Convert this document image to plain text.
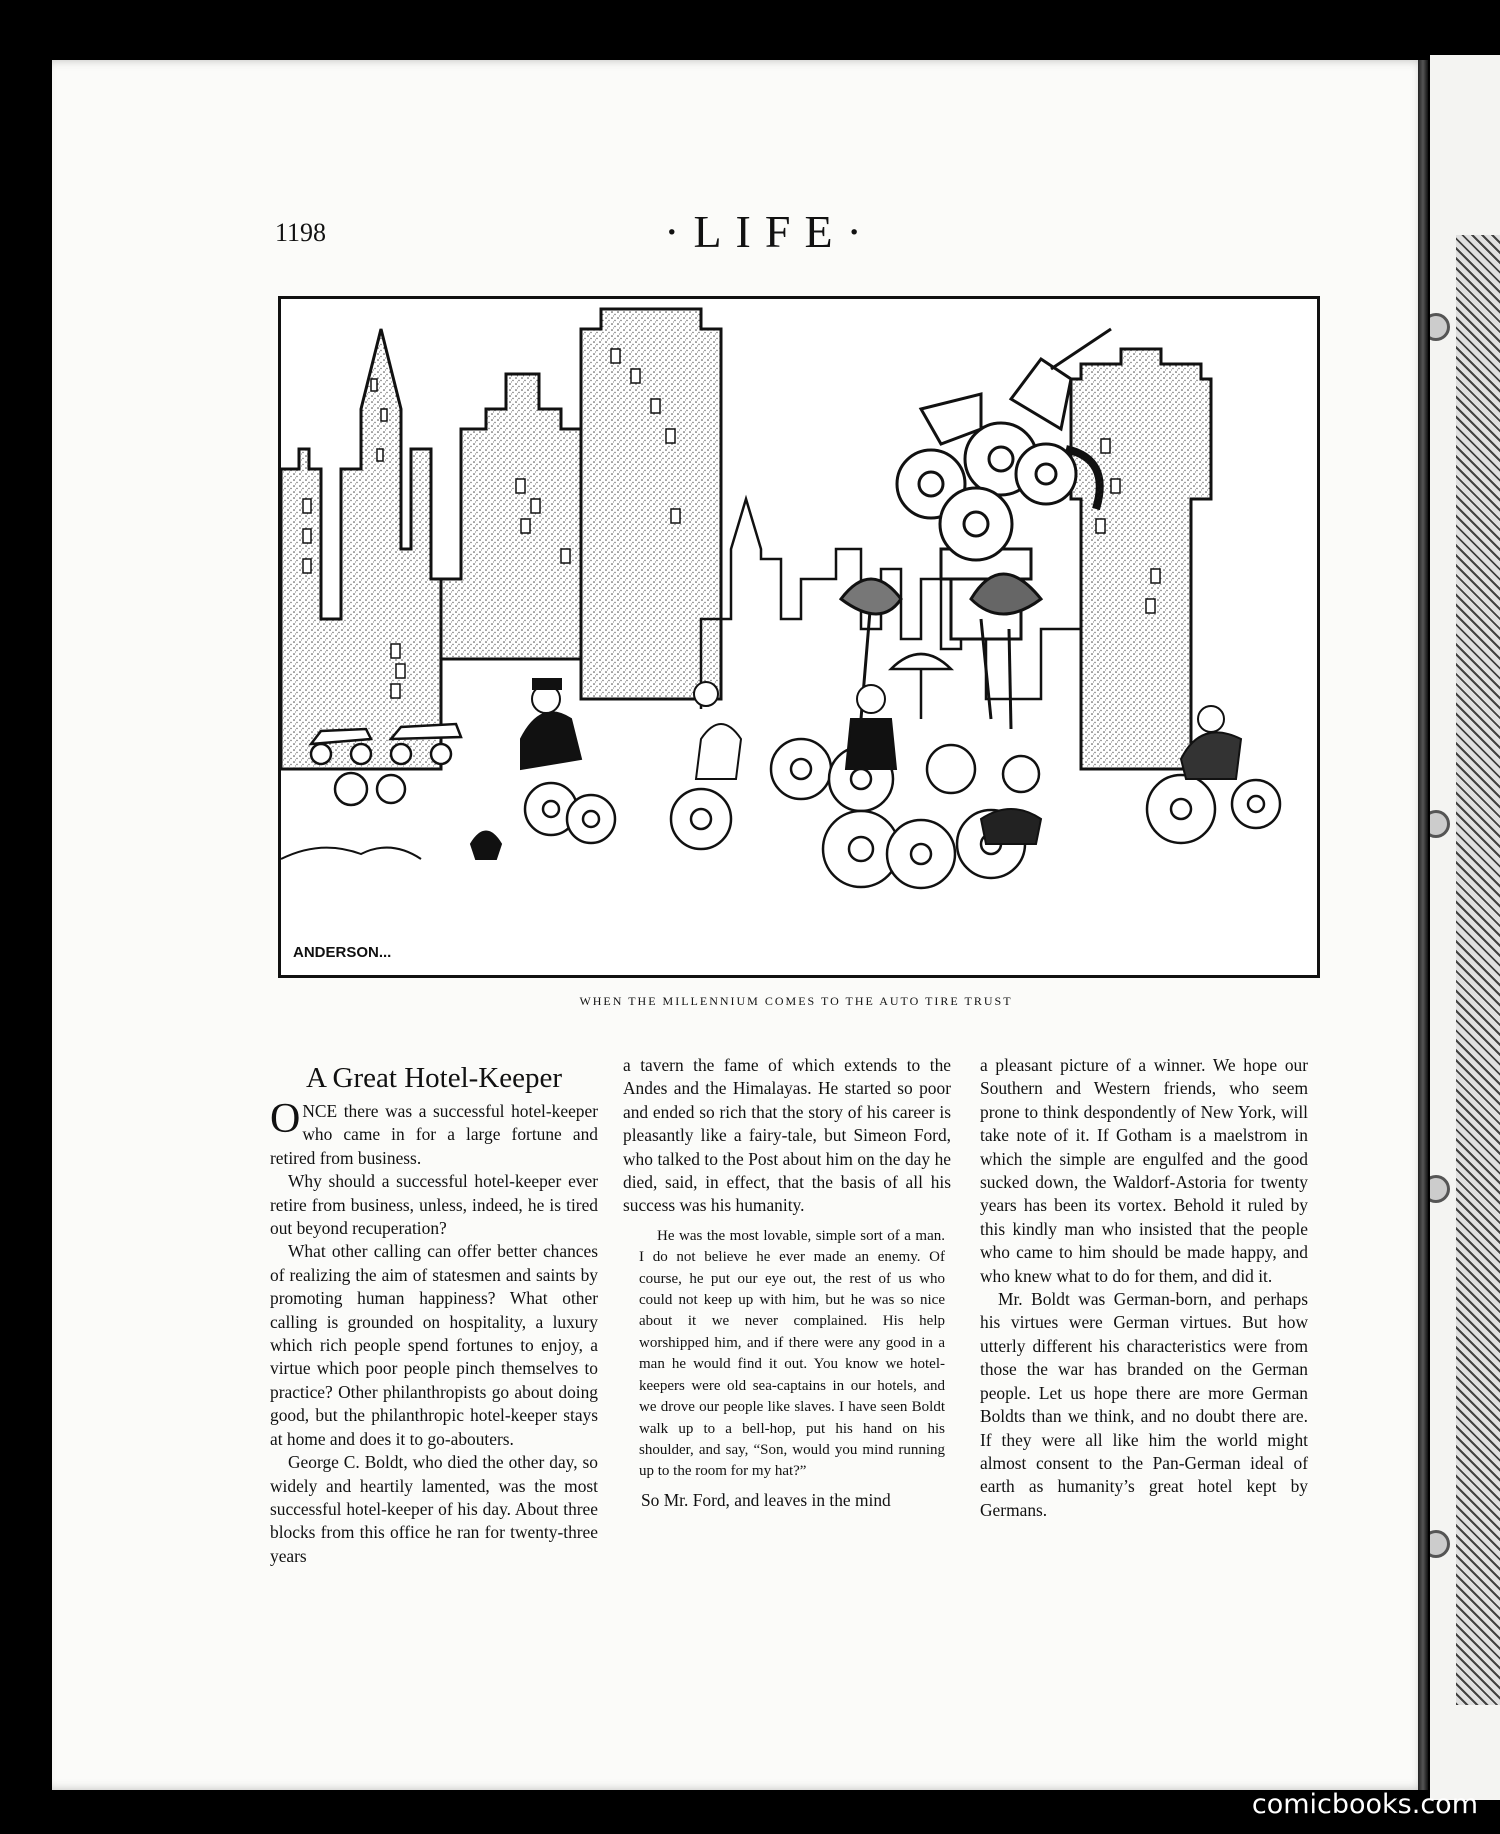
1198	·LIFE·
ANDERSON...
WHEN THE MILLENNIUM COMES TO THE AUTO TIRE TRUST
A Great Hotel-Keeper

ONCE there was a successful hotel-keeper who came in for a large fortune and retired from business.

Why should a successful hotel-keeper ever retire from business, unless, indeed, he is tired out beyond recuperation?

What other calling can offer better chances of realizing the aim of statesmen and saints by promoting human happiness? What other calling is grounded on hospitality, a luxury which rich people spend fortunes to enjoy, a virtue which poor people pinch themselves to practice? Other philanthropists go about doing good, but the philanthropic hotel-keeper stays at home and does it to go-abouters.

George C. Boldt, who died the other day, so widely and heartily lamented, was the most successful hotel-keeper of his day. About three blocks from this office he ran for twenty-three years

a tavern the fame of which extends to the Andes and the Himalayas. He started so poor and ended so rich that the story of his career is pleasantly like a fairy-tale, but Simeon Ford, who talked to the Post about him on the day he died, said, in effect, that the basis of all his success was his humanity.

He was the most lovable, simple sort of a man. I do not believe he ever made an enemy. Of course, he put our eye out, the rest of us who could not keep up with him, but he was so nice about it we never complained. His help worshipped him, and if there were any good in a man he would find it out. You know we hotel-keepers were old sea-captains in our hotels, and we drove our people like slaves. I have seen Boldt walk up to a bell-hop, put his hand on his shoulder, and say, “Son, would you mind running up to the room for my hat?”

So Mr. Ford, and leaves in the mind

a pleasant picture of a winner. We hope our Southern and Western friends, who seem prone to think despondently of New York, will take note of it. If Gotham is a maelstrom in which the simple are engulfed and the good sucked down, the Waldorf-Astoria for twenty years has been its vortex. Behold it ruled by this kindly man who insisted that the people who came to him should be made happy, and who knew what to do for them, and did it.

Mr. Boldt was German-born, and perhaps his virtues were German virtues. But how utterly different his characteristics were from those the war has branded on the German people. Let us hope there are more German Boldts than we think, and no doubt there are. If they were all like him the world might almost consent to the Pan-German ideal of earth as humanity’s great hotel kept by Germans.

comicbooks.com
